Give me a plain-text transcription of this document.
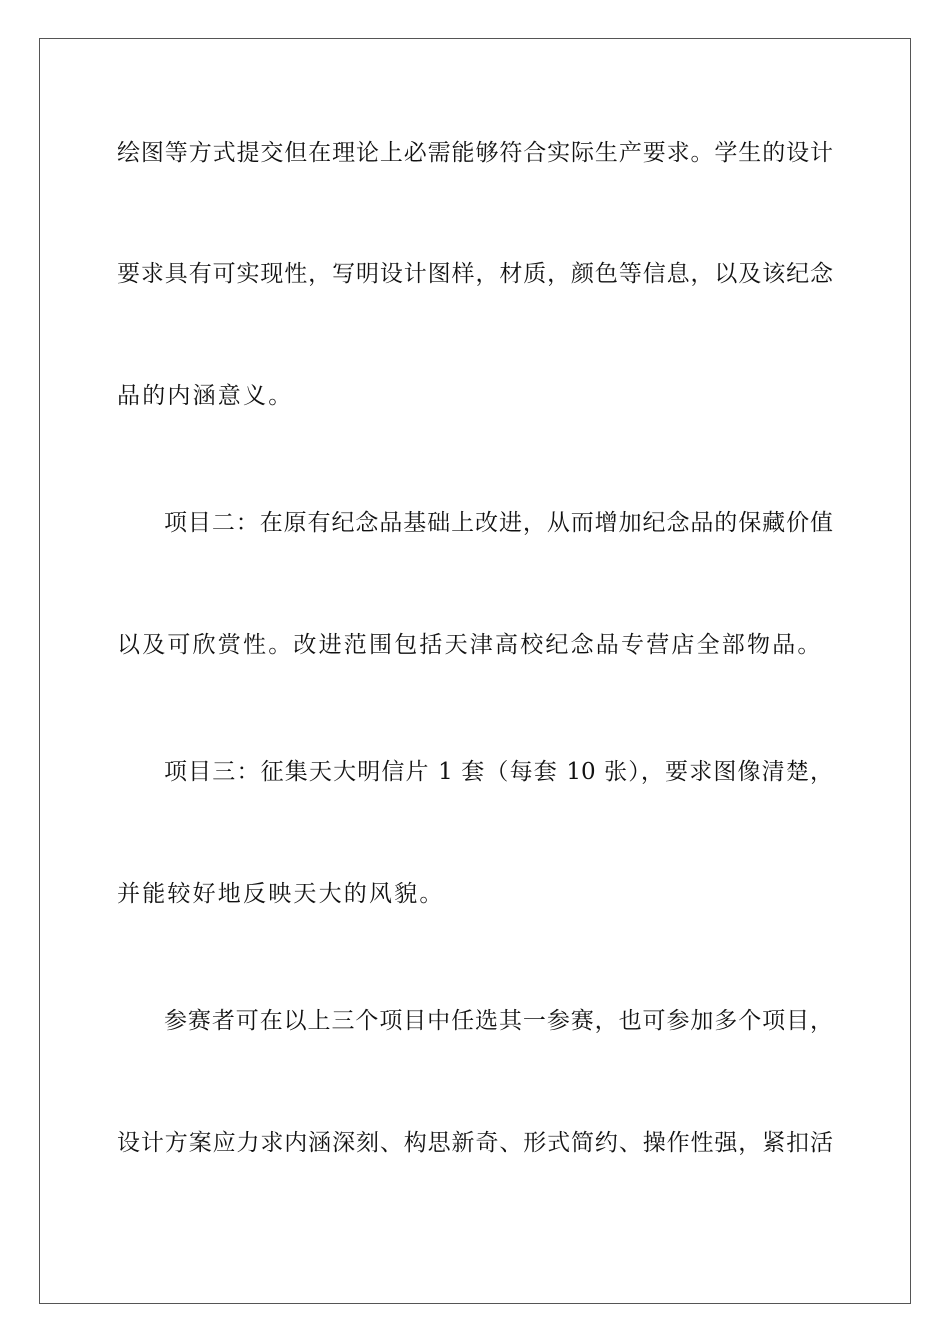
绘图等方式提交但在理论上必需能够符合实际生产要求。学生的设计
要求具有可实现性，写明设计图样，材质，颜色等信息，以及该纪念
品的内涵意义。
项目二：在原有纪念品基础上改进，从而增加纪念品的保藏价值
以及可欣赏性。改进范围包括天津高校纪念品专营店全部物品。
项目三：征集天大明信片 1 套（每套 10 张），要求图像清楚，
并能较好地反映天大的风貌。
参赛者可在以上三个项目中任选其一参赛，也可参加多个项目，
设计方案应力求内涵深刻、构思新奇、形式简约、操作性强，紧扣活
